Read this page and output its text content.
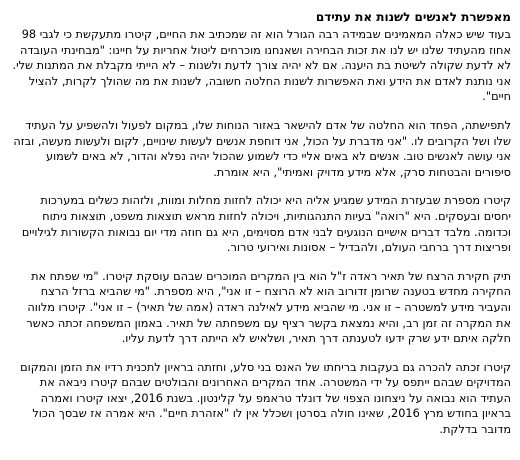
מאפשרת לאנשים לשנות את עתידם

בעוד שיש כאלה המאמינים שבמידה רבה הגורל הוא זה שמכתיב את החיים, קיטרו מתעקשת כי לגבי 98 אחוז מהעתיד שלנו יש לנו את זכות הבחירה ושאנחנו מוכרחים ליטול אחריות על חיינו: "מבחינתי העובדה לא לדעת שקולה לשיטת בת היענה. אם לא יהיה צורך לדעת ולשנות – לא הייתי מקבלת את המתנות שלי. אני נותנת לאדם את הידע ואת האפשרות לשנות החלטה חשובה, לשנות את מה שהולך לקרות, להציל חיים".

לתפישתה, הפחד הוא החלטה של אדם להישאר באזור הנוחות שלו, במקום לפעול ולהשפיע על העתיד שלו ושל הקרובים לו. "אני מדברת על הכול, אני דוחפת אנשים לעשות שינויים, לקום ולעשות מעשה, ובזה אני עושה לאנשים טוב. אנשים לא באים אליי כדי לשמוע שהכול יהיה נפלא והדור, לא באים לשמוע סיפורים והבטחות סרק, אלא מידע מדויק ואמיתי", היא אומרת.

קיטרו מספרת שבעזרת המידע שמגיע אליה היא יכולה לחזות מחלות ומוות, ולזהות כשלים במערכות יחסים ובעסקים. היא "רואה" בעיות התנהגותיות, ויכולה לחזות מראש תוצאות משפט, תוצאות ניתוח וכדומה. מלבד דברים אישיים הנוגעים לבני אדם מסוימים, היא גם חוזה מדי יום נבואות הקשורות לגילויים ופריצות דרך ברחבי העולם, ולהבדיל – אסונות ואירועי טרור.

תיק חקירת הרצח של תאיר ראדה ז"ל הוא בין המקרים המוכרים שבהם עוסקת קיטרו. "מי שפתח את החקירה מחדש בטענה שרומן זדורוב הוא לא הרוצח – זו אני", היא מספרת. "מי שהביא ברזל הרצח והעביר מידע למשטרה – זו אני. מי שהביא מידע לאילנה ראדה (אמה של תאיר) – זו אני". קיטרו מלווה את המקרה זה זמן רב, והיא נמצאת בקשר רציף עם משפחתה של תאיר. באמון המשפחה זכתה כאשר חלקה איתם ידע שרק ידעו לטענתה דרך תאיר, ושלאיש לא הייתה דרך לדעת עליו.

קיטרו זכתה להכרה גם בעקבות בריחתו של האנס בני סלע, וחזתה בראיון לתכנית רדיו את הזמן והמקום המדויקים שבהם ייתפס על ידי המשטרה. אחד המקרים האחרונים והבולטים שבהם קיטרו ניבאה את העתיד הוא נבואה על ניצחונו הצפוי של דונלד טראמפ על קלינטון. בשנת 2016, יצאו קיטרו ואמרה בראיון בחודש מרץ 2016, שאינו חולה בסרטן ושכלל אין לו "אזהרת חיים". היא אמרה אז שבסך הכול מדובר בדלקת.
